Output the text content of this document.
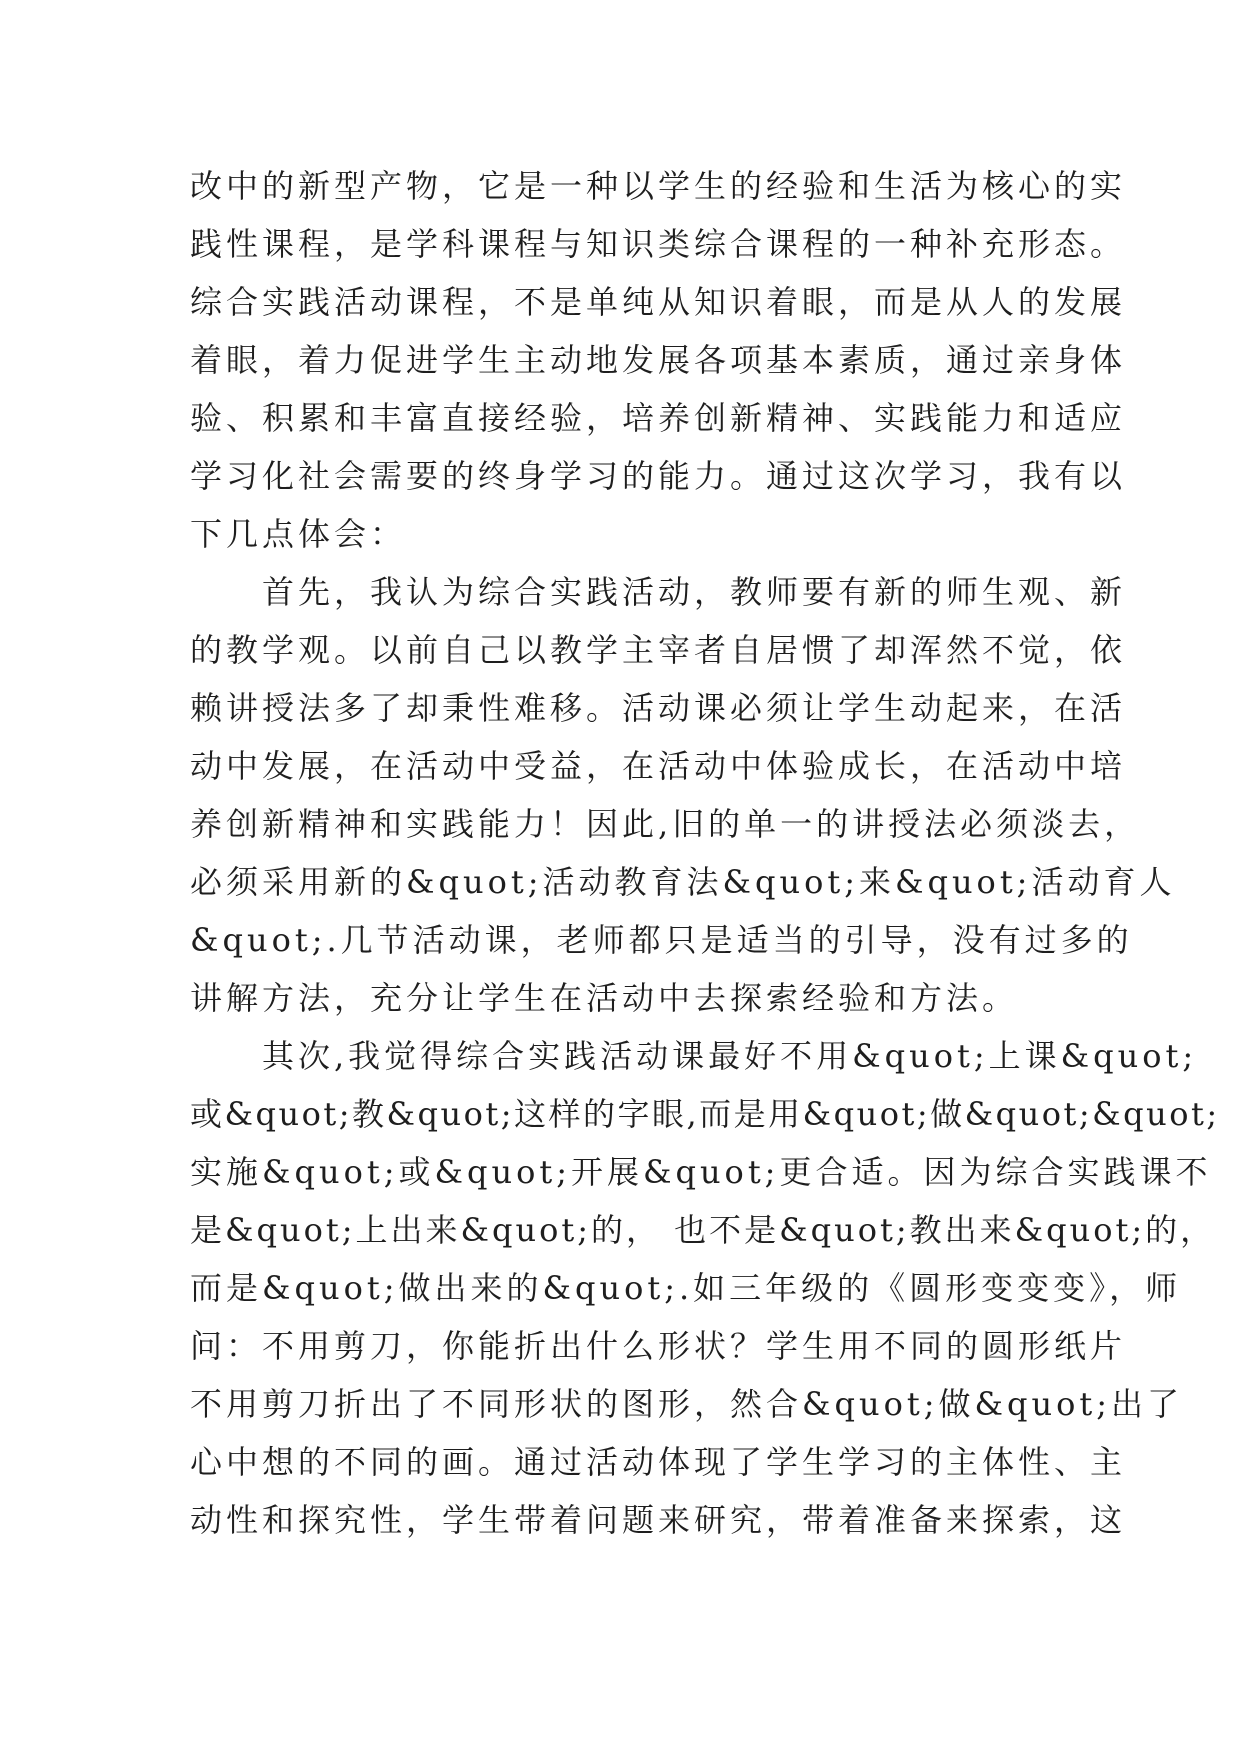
改中的新型产物，它是一种以学生的经验和生活为核心的实
践性课程，是学科课程与知识类综合课程的一种补充形态。
综合实践活动课程，不是单纯从知识着眼，而是从人的发展
着眼，着力促进学生主动地发展各项基本素质，通过亲身体
验、积累和丰富直接经验，培养创新精神、实践能力和适应
学习化社会需要的终身学习的能力。通过这次学习，我有以
下几点体会：
　　首先，我认为综合实践活动，教师要有新的师生观、新
的教学观。以前自己以教学主宰者自居惯了却浑然不觉，依
赖讲授法多了却秉性难移。活动课必须让学生动起来，在活
动中发展，在活动中受益，在活动中体验成长，在活动中培
养创新精神和实践能力！因此,旧的单一的讲授法必须淡去，
必须采用新的&quot;活动教育法&quot;来&quot;活动育人
&quot;.几节活动课，老师都只是适当的引导，没有过多的
讲解方法，充分让学生在活动中去探索经验和方法。
　　其次,我觉得综合实践活动课最好不用&quot;上课&quot;
或&quot;教&quot;这样的字眼,而是用&quot;做&quot;&quot;
实施&quot;或&quot;开展&quot;更合适。因为综合实践课不
是&quot;上出来&quot;的， 也不是&quot;教出来&quot;的，
而是&quot;做出来的&quot;.如三年级的《圆形变变变》，师
问：不用剪刀，你能折出什么形状？学生用不同的圆形纸片
不用剪刀折出了不同形状的图形，然合&quot;做&quot;出了
心中想的不同的画。通过活动体现了学生学习的主体性、主
动性和探究性，学生带着问题来研究，带着准备来探索，这
